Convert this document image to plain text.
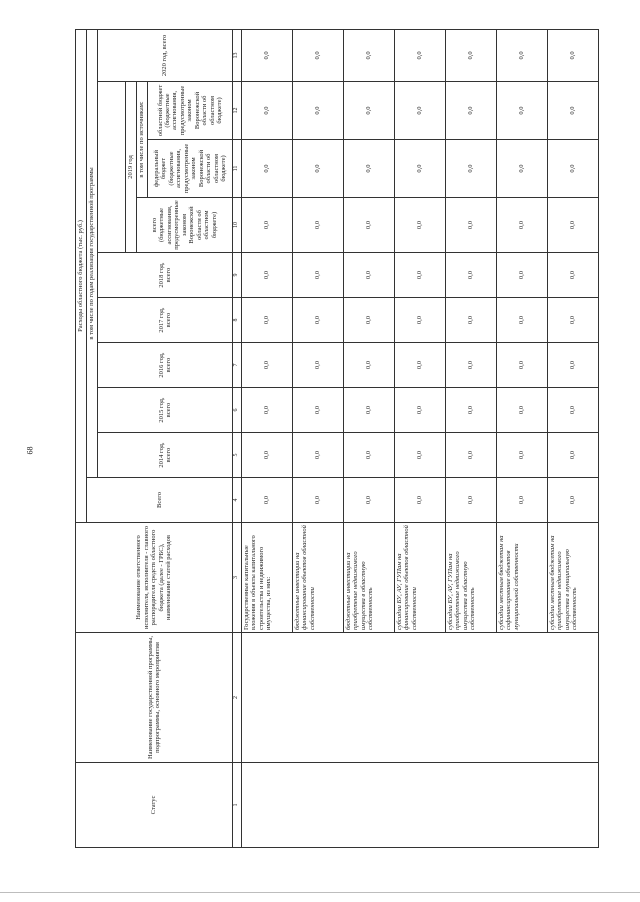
68
Статус	Наименование государственной программы, подпрограммы, основного мероприятия	Наименование ответственного исполнителя, исполнителя - главного распорядителя средств областного бюджета (далее - ГРБС), наименование статей расходов	Расходы областного бюджета (тыс. руб.)									
			Всего	в том числе по годам реализации государственной программы								
				2014 год, всего	2015 год, всего	2016 год, всего	2017 год, всего	2018 год, всего				2020 год, всего
									2019 год			
									всего (бюджетные ассигнования, предусмотренные законом Воронежской области об областном бюджете)	в том числе по источникам:		
										федеральный бюджет (бюджетные ассигнования, предусмотренные законом Воронежской области об областном бюджете)	областной бюджет (бюджетные ассигнования, предусмотренные законом Воронежской области об областном бюджете)	
1	2	3	4	5	6	7	8	9	10	11	12	13
		Государственные капитальные вложения в объекты капитального строительства и недвижимого имущества, из них:	0,0	0,0	0,0	0,0	0,0	0,0	0,0	0,0	0,0	0,0
		бюджетные инвестиции на финансирование объектов областной собственности	0,0	0,0	0,0	0,0	0,0	0,0	0,0	0,0	0,0	0,0
		бюджетные инвестиции на приобретение недвижимого имущества в областную собственность	0,0	0,0	0,0	0,0	0,0	0,0	0,0	0,0	0,0	0,0
		субсидии БУ, АУ, ГУПам на финансирование объектов областной собственности	0,0	0,0	0,0	0,0	0,0	0,0	0,0	0,0	0,0	0,0
		субсидии БУ, АУ, ГУПам на приобретение недвижимого имущества в областную собственность	0,0	0,0	0,0	0,0	0,0	0,0	0,0	0,0	0,0	0,0
		субсидии местным бюджетам на софинансирование объектов муниципальной собственности	0,0	0,0	0,0	0,0	0,0	0,0	0,0	0,0	0,0	0,0
		субсидии местным бюджетам на приобретение недвижимого имущества в муниципальную собственность	0,0	0,0	0,0	0,0	0,0	0,0	0,0	0,0	0,0	0,0
